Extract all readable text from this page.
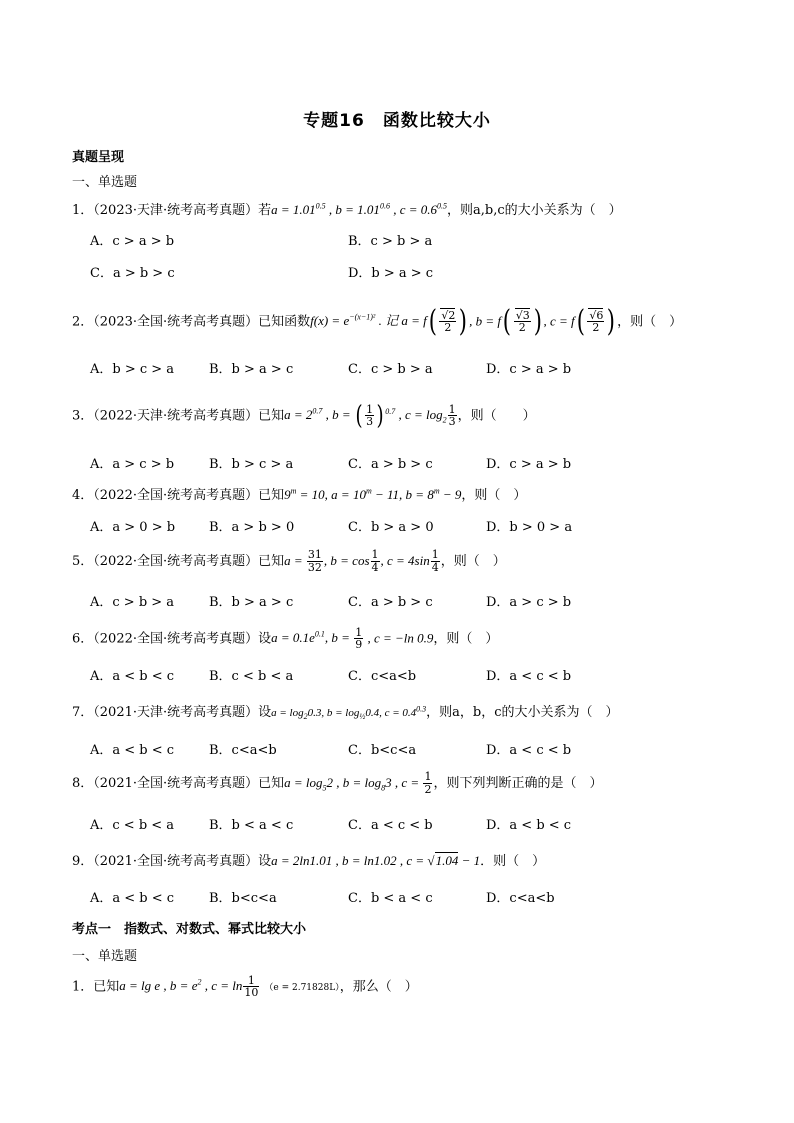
专题16　函数比较大小
真题呈现
一、单选题
1．（2023·天津·统考高考真题）若$a = 1.01^{0.5}$ , $b = 1.01^{0.6}$ , $c = 0.6^{0.5}$，则a,b,c的大小关系为（　）
A．c > a > b	B．c > b > a
C．a > b > c	D．b > a > c
2．（2023·全国·统考高考真题）已知函数$f(x) = e^{-(x-1)^2}$ . 记 $a = f( \frac{√2}{2}$ ) , $b = f( \frac{√3}{2}$ ) , $c = f( \frac{√6}{2}$ ) ，则（　）
A．b > c > a	B．b > a > c	C．c > b > a	D．c > a > b
3．（2022·天津·统考高考真题）已知$a = 2^{0.7}$ , b = ( $\frac{1}{3}$ ) $^{0.7}$ , $c = \log_2 \frac{1}{3}$ ，则（　　）
A．a > c > b	B．b > c > a	C．a > b > c	D．c > a > b
4．（2022·全国·统考高考真题）已知$9^m = 10$, $a = 10^m - 11$, $b = 8^m - 9$，则（　）
A．a > 0 > b	B．a > b > 0	C．b > a > 0	D．b > 0 > a
5．（2022·全国·统考高考真题）已知$a = \frac{31}{32}$ , $b = \cos \frac{1}{4}$ , $c = 4\sin \frac{1}{4}$ ，则（　）
A．c > b > a	B．b > a > c	C．a > b > c	D．a > c > b
6．（2022·全国·统考高考真题）设$a = 0.1e^{0.1}$, $b = \frac{1}{9}$ , c = −ln 0.9，则（　）
A．a < b < c	B．c < b < a	C．c<a<b	D．a < c < b
7．（2021·天津·统考高考真题）设$a = \log_20.3$, $b = \log_{\frac{1}{2}}0.4$, $c = 0.4^{0.3}$，则a，b，c的大小关系为（　）
A．a < b < c	B．c<a<b	C．b<c<a	D．a < c < b
8．（2021·全国·统考高考真题）已知$a = \log_52$ , $b = \log_83$ , $c = \frac{1}{2}$ ，则下列判断正确的是（　）
A．c < b < a	B．b < a < c	C．a < c < b	D．a < b < c
9．（2021·全国·统考高考真题）设a = 2ln1.01 , b = ln1.02 , c = √1.04 − 1．则（　）
A．a < b < c	B．b<c<a	C．b < a < c	D．c<a<b
考点一　指数式、对数式、幂式比较大小
一、单选题
1．已知a = lg e , $b = e^2$ , $c = \ln \frac{1}{10} (e = 2.71828L)$，那么（　）
